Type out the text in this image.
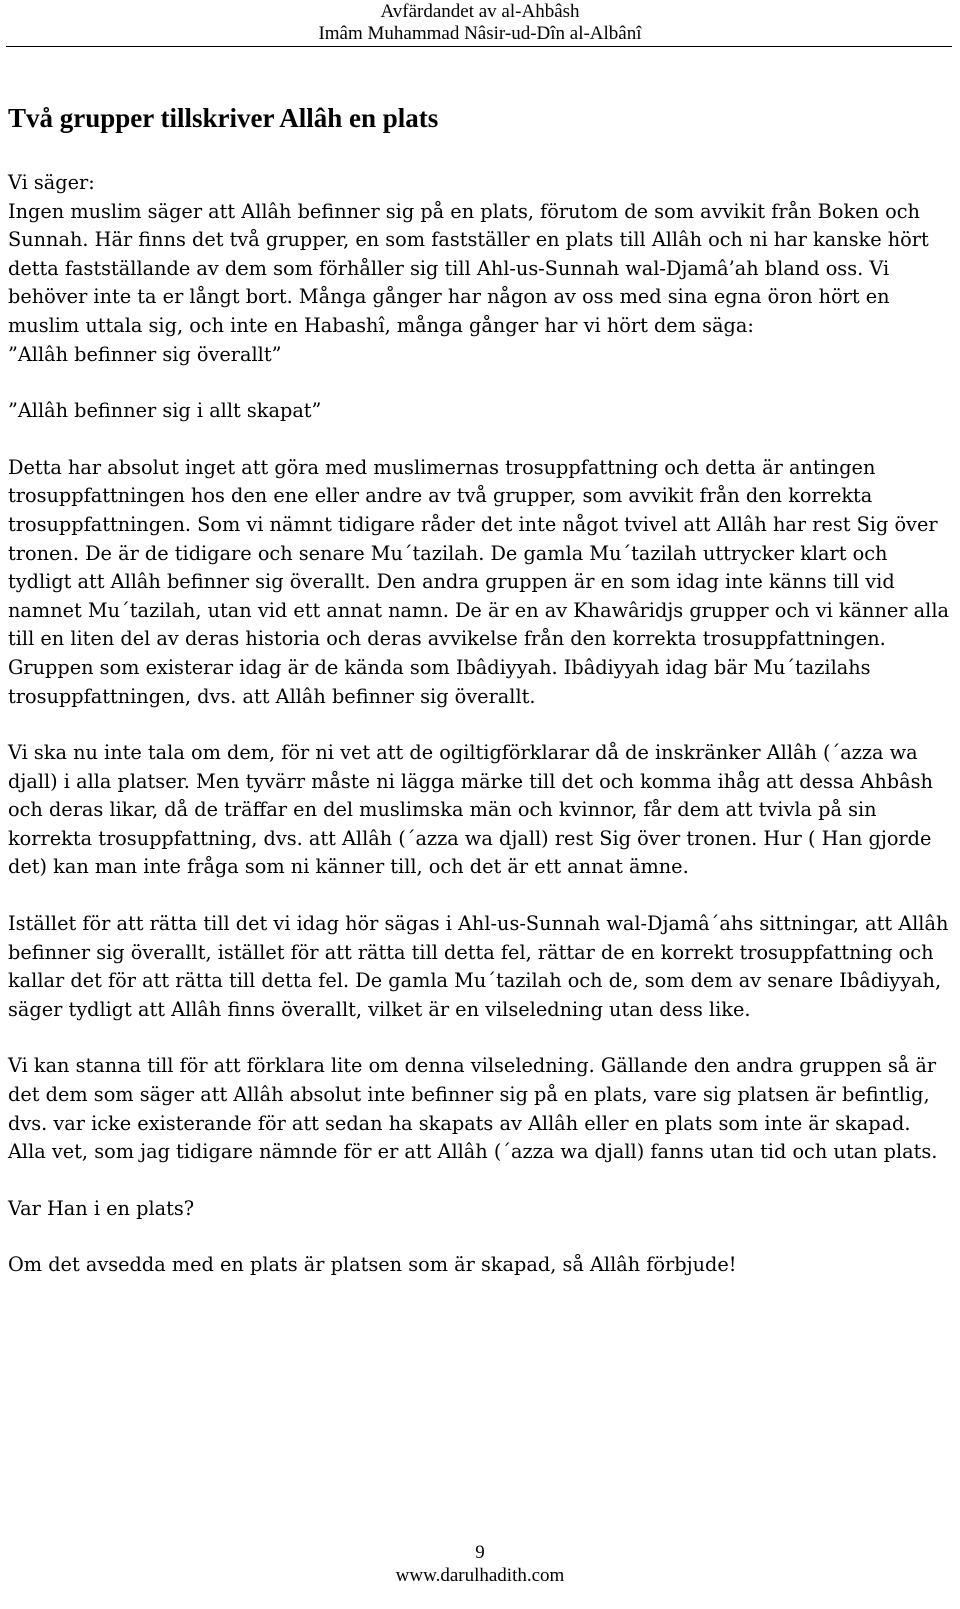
Avfärdandet av al-Ahbâsh
Imâm Muhammad Nâsir-ud-Dîn al-Albânî
Två grupper tillskriver Allâh en plats

Vi säger:
Ingen muslim säger att Allâh befinner sig på en plats, förutom de som avvikit från Boken och Sunnah. Här finns det två grupper, en som fastställer en plats till Allâh och ni har kanske hört detta fastställande av dem som förhåller sig till Ahl-us-Sunnah wal-Djamâ’ah bland oss. Vi behöver inte ta er långt bort. Många gånger har någon av oss med sina egna öron hört en muslim uttala sig, och inte en Habashî, många gånger har vi hört dem säga:

”Allâh befinner sig överallt”

”Allâh befinner sig i allt skapat”

Detta har absolut inget att göra med muslimernas trosuppfattning och detta är antingen trosuppfattningen hos den ene eller andre av två grupper, som avvikit från den korrekta trosuppfattningen. Som vi nämnt tidigare råder det inte något tvivel att Allâh har rest Sig över tronen. De är de tidigare och senare Mu´tazilah. De gamla Mu´tazilah uttrycker klart och tydligt att Allâh befinner sig överallt. Den andra gruppen är en som idag inte känns till vid namnet Mu´tazilah, utan vid ett annat namn. De är en av Khawâridjs grupper och vi känner alla till en liten del av deras historia och deras avvikelse från den korrekta trosuppfattningen. Gruppen som existerar idag är de kända som Ibâdiyyah. Ibâdiyyah idag bär Mu´tazilahs trosuppfattningen, dvs. att Allâh befinner sig överallt.

Vi ska nu inte tala om dem, för ni vet att de ogiltigförklarar då de inskränker Allâh (´azza wa djall) i alla platser. Men tyvärr måste ni lägga märke till det och komma ihåg att dessa Ahbâsh och deras likar, då de träffar en del muslimska män och kvinnor, får dem att tvivla på sin korrekta trosuppfattning, dvs. att Allâh (´azza wa djall) rest Sig över tronen. Hur ( Han gjorde det) kan man inte fråga som ni känner till, och det är ett annat ämne.

Istället för att rätta till det vi idag hör sägas i Ahl-us-Sunnah wal-Djamâ´ahs sittningar, att Allâh befinner sig överallt, istället för att rätta till detta fel, rättar de en korrekt trosuppfattning och kallar det för att rätta till detta fel. De gamla Mu´tazilah och de, som dem av senare Ibâdiyyah, säger tydligt att Allâh finns överallt, vilket är en vilseledning utan dess like.

Vi kan stanna till för att förklara lite om denna vilseledning. Gällande den andra gruppen så är det dem som säger att Allâh absolut inte befinner sig på en plats, vare sig platsen är befintlig, dvs. var icke existerande för att sedan ha skapats av Allâh eller en plats som inte är skapad. Alla vet, som jag tidigare nämnde för er att Allâh (´azza wa djall) fanns utan tid och utan plats.

Var Han i en plats?

Om det avsedda med en plats är platsen som är skapad, så Allâh förbjude!

9
www.darulhadith.com
